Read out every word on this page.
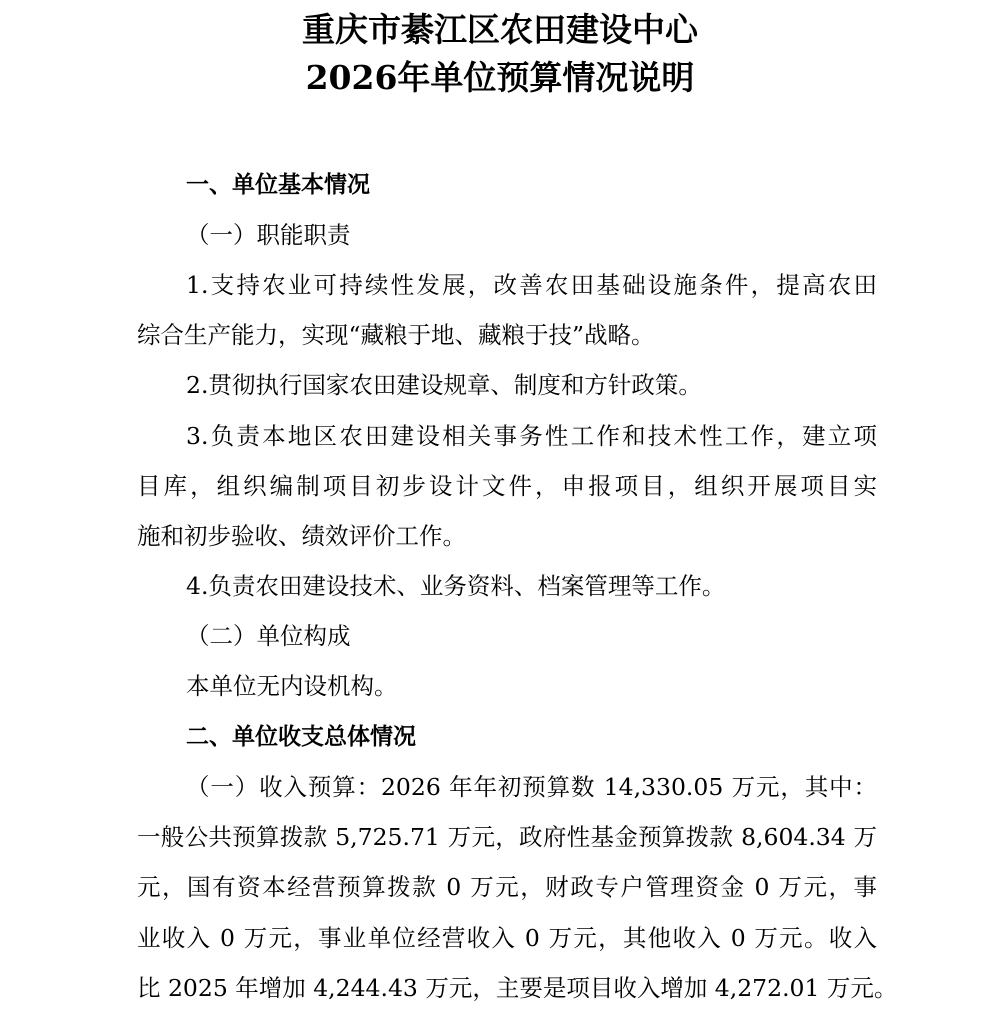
重庆市綦江区农田建设中心
2026年单位预算情况说明
一、单位基本情况
（一）职能职责
1.支持农业可持续性发展，改善农田基础设施条件，提高农田
综合生产能力，实现“藏粮于地、藏粮于技”战略。
2.贯彻执行国家农田建设规章、制度和方针政策。
3.负责本地区农田建设相关事务性工作和技术性工作，建立项
目库，组织编制项目初步设计文件，申报项目，组织开展项目实
施和初步验收、绩效评价工作。
4.负责农田建设技术、业务资料、档案管理等工作。
（二）单位构成
本单位无内设机构。
二、单位收支总体情况
（一）收入预算：2026 年年初预算数 14,330.05 万元，其中：
一般公共预算拨款 5,725.71 万元，政府性基金预算拨款 8,604.34 万
元，国有资本经营预算拨款 0 万元，财政专户管理资金 0 万元，事
业收入 0 万元，事业单位经营收入 0 万元，其他收入 0 万元。收入
比 2025 年增加 4,244.43 万元，主要是项目收入增加 4,272.01 万元。
